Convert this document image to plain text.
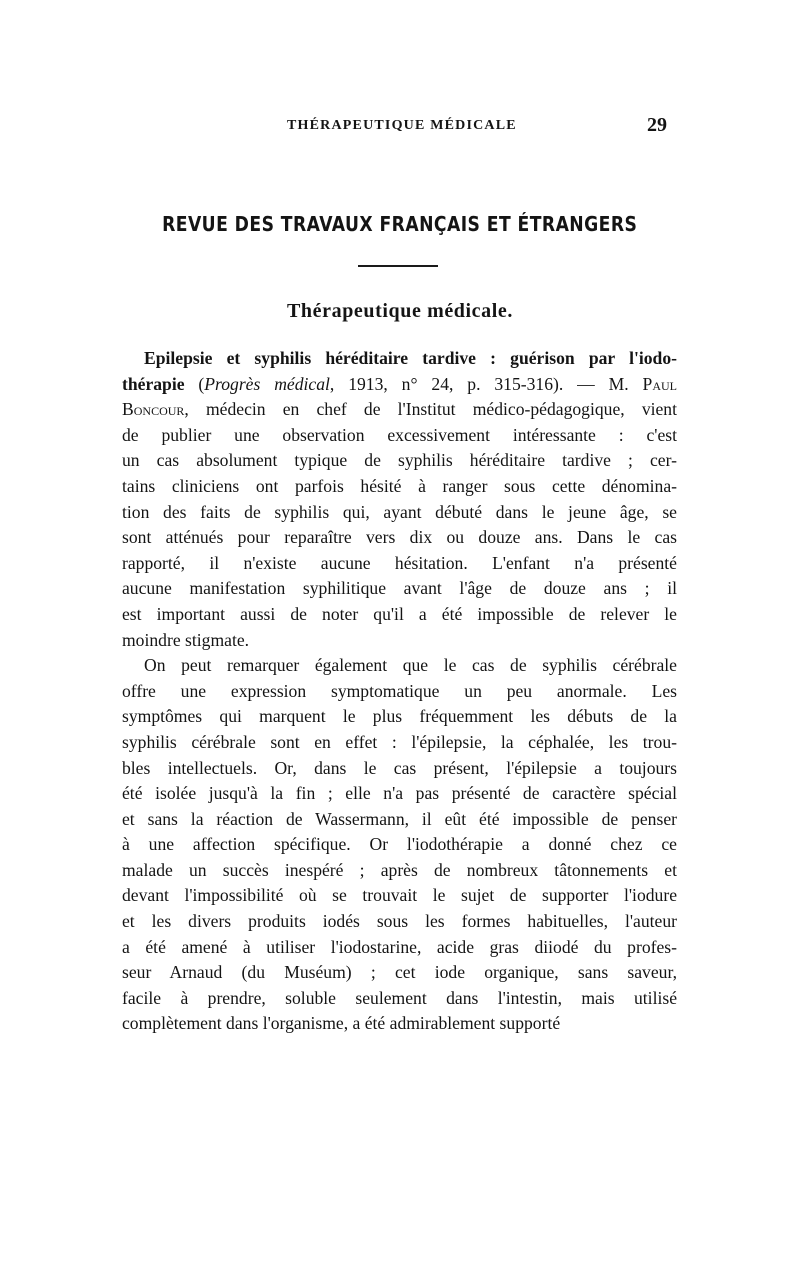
THÉRAPEUTIQUE MÉDICALE	29
REVUE DES TRAVAUX FRANÇAIS ET ÉTRANGERS
Thérapeutique médicale.

Epilepsie et syphilis héréditaire tardive : guérison par l'iodo-
thérapie (Progrès médical, 1913, n° 24, p. 315-316). — M. Paul
Boncour, médecin en chef de l'Institut médico-pédagogique, vient
de publier une observation excessivement intéressante : c'est
un cas absolument typique de syphilis héréditaire tardive ; cer-
tains cliniciens ont parfois hésité à ranger sous cette dénomina-
tion des faits de syphilis qui, ayant débuté dans le jeune âge, se
sont atténués pour reparaître vers dix ou douze ans. Dans le cas
rapporté, il n'existe aucune hésitation. L'enfant n'a présenté
aucune manifestation syphilitique avant l'âge de douze ans ; il
est important aussi de noter qu'il a été impossible de relever le
moindre stigmate.

On peut remarquer également que le cas de syphilis cérébrale
offre une expression symptomatique un peu anormale. Les
symptômes qui marquent le plus fréquemment les débuts de la
syphilis cérébrale sont en effet : l'épilepsie, la céphalée, les trou-
bles intellectuels. Or, dans le cas présent, l'épilepsie a toujours
été isolée jusqu'à la fin ; elle n'a pas présenté de caractère spécial
et sans la réaction de Wassermann, il eût été impossible de penser
à une affection spécifique. Or l'iodothérapie a donné chez ce
malade un succès inespéré ; après de nombreux tâtonnements et
devant l'impossibilité où se trouvait le sujet de supporter l'iodure
et les divers produits iodés sous les formes habituelles, l'auteur
a été amené à utiliser l'iodostarine, acide gras diiodé du profes-
seur Arnaud (du Muséum) ; cet iode organique, sans saveur,
facile à prendre, soluble seulement dans l'intestin, mais utilisé
complètement dans l'organisme, a été admirablement supporté
